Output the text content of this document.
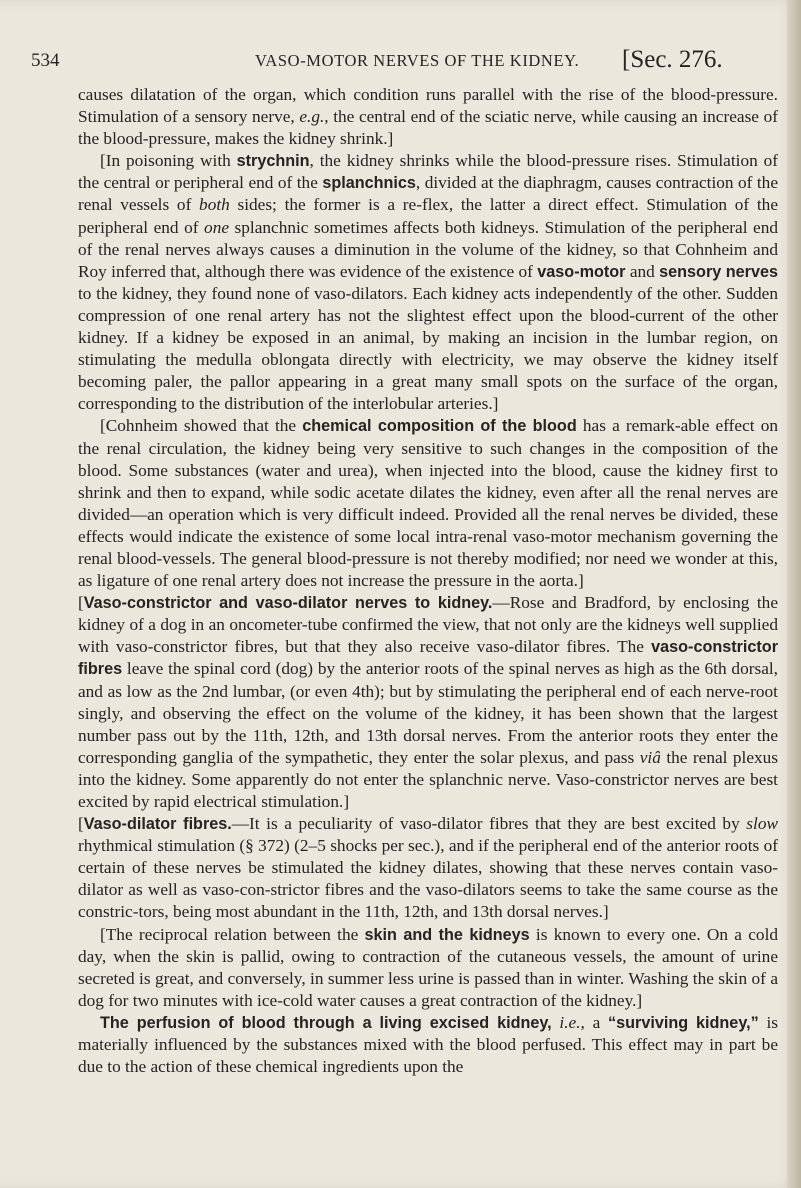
534	VASO-MOTOR NERVES OF THE KIDNEY. [Sec. 276.

causes dilatation of the organ, which condition runs parallel with the rise of the blood-pressure. Stimulation of a sensory nerve, e.g., the central end of the sciatic nerve, while causing an increase of the blood-pressure, makes the kidney shrink.]

[In poisoning with strychnin, the kidney shrinks while the blood-pressure rises. Stimulation of the central or peripheral end of the splanchnics, divided at the diaphragm, causes contraction of the renal vessels of both sides; the former is a re-flex, the latter a direct effect. Stimulation of the peripheral end of one splanchnic sometimes affects both kidneys. Stimulation of the peripheral end of the renal nerves always causes a diminution in the volume of the kidney, so that Cohnheim and Roy inferred that, although there was evidence of the existence of vaso-motor and sensory nerves to the kidney, they found none of vaso-dilators. Each kidney acts independently of the other. Sudden compression of one renal artery has not the slightest effect upon the blood-current of the other kidney. If a kidney be exposed in an animal, by making an incision in the lumbar region, on stimulating the medulla oblongata directly with electricity, we may observe the kidney itself becoming paler, the pallor appearing in a great many small spots on the surface of the organ, corresponding to the distribution of the interlobular arteries.]

[Cohnheim showed that the chemical composition of the blood has a remark-able effect on the renal circulation, the kidney being very sensitive to such changes in the composition of the blood. Some substances (water and urea), when injected into the blood, cause the kidney first to shrink and then to expand, while sodic acetate dilates the kidney, even after all the renal nerves are divided—an operation which is very difficult indeed. Provided all the renal nerves be divided, these effects would indicate the existence of some local intra-renal vaso-motor mechanism governing the renal blood-vessels. The general blood-pressure is not thereby modified; nor need we wonder at this, as ligature of one renal artery does not increase the pressure in the aorta.]

[Vaso-constrictor and vaso-dilator nerves to kidney.—Rose and Bradford, by enclosing the kidney of a dog in an oncometer-tube confirmed the view, that not only are the kidneys well supplied with vaso-constrictor fibres, but that they also receive vaso-dilator fibres. The vaso-constrictor fibres leave the spinal cord (dog) by the anterior roots of the spinal nerves as high as the 6th dorsal, and as low as the 2nd lumbar, (or even 4th); but by stimulating the peripheral end of each nerve-root singly, and observing the effect on the volume of the kidney, it has been shown that the largest number pass out by the 11th, 12th, and 13th dorsal nerves. From the anterior roots they enter the corresponding ganglia of the sympathetic, they enter the solar plexus, and pass viâ the renal plexus into the kidney. Some apparently do not enter the splanchnic nerve. Vaso-constrictor nerves are best excited by rapid electrical stimulation.]

[Vaso-dilator fibres.—It is a peculiarity of vaso-dilator fibres that they are best excited by slow rhythmical stimulation (§ 372) (2–5 shocks per sec.), and if the peripheral end of the anterior roots of certain of these nerves be stimulated the kidney dilates, showing that these nerves contain vaso-dilator as well as vaso-con-strictor fibres and the vaso-dilators seems to take the same course as the constric-tors, being most abundant in the 11th, 12th, and 13th dorsal nerves.]

[The reciprocal relation between the skin and the kidneys is known to every one. On a cold day, when the skin is pallid, owing to contraction of the cutaneous vessels, the amount of urine secreted is great, and conversely, in summer less urine is passed than in winter. Washing the skin of a dog for two minutes with ice-cold water causes a great contraction of the kidney.]

The perfusion of blood through a living excised kidney, i.e., a “surviving kidney,” is materially influenced by the substances mixed with the blood perfused. This effect may in part be due to the action of these chemical ingredients upon the
